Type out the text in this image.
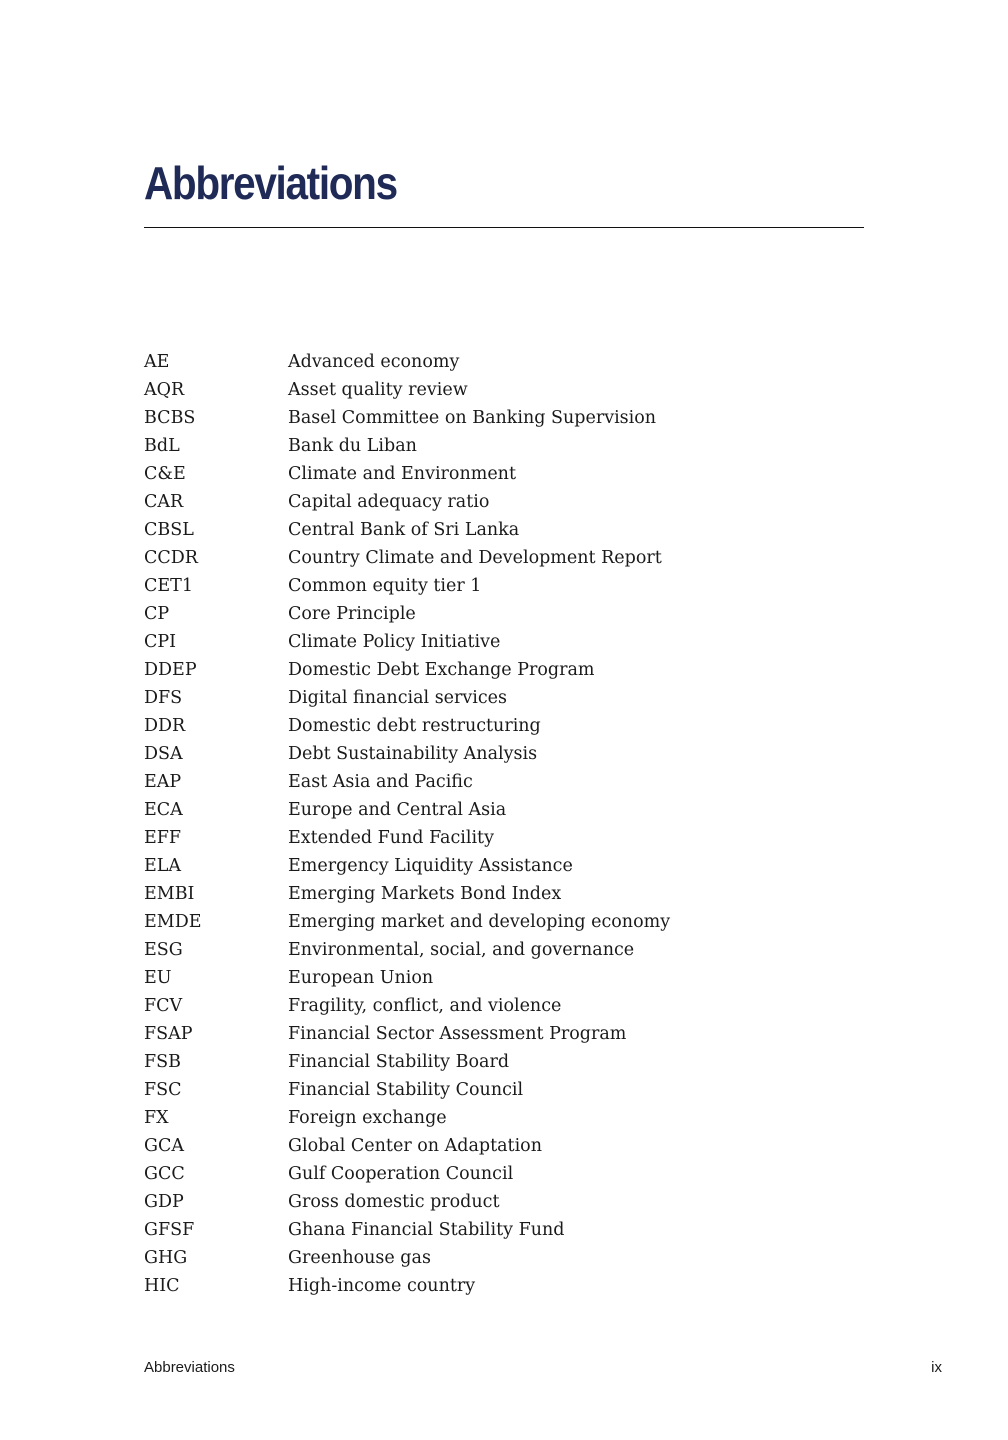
Abbreviations
AE	Advanced economy
AQR	Asset quality review
BCBS	Basel Committee on Banking Supervision
BdL	Bank du Liban
C&E	Climate and Environment
CAR	Capital adequacy ratio
CBSL	Central Bank of Sri Lanka
CCDR	Country Climate and Development Report
CET1	Common equity tier 1
CP	Core Principle
CPI	Climate Policy Initiative
DDEP	Domestic Debt Exchange Program
DFS	Digital financial services
DDR	Domestic debt restructuring
DSA	Debt Sustainability Analysis
EAP	East Asia and Pacific
ECA	Europe and Central Asia
EFF	Extended Fund Facility
ELA	Emergency Liquidity Assistance
EMBI	Emerging Markets Bond Index
EMDE	Emerging market and developing economy
ESG	Environmental, social, and governance
EU	European Union
FCV	Fragility, conflict, and violence
FSAP	Financial Sector Assessment Program
FSB	Financial Stability Board
FSC	Financial Stability Council
FX	Foreign exchange
GCA	Global Center on Adaptation
GCC	Gulf Cooperation Council
GDP	Gross domestic product
GFSF	Ghana Financial Stability Fund
GHG	Greenhouse gas
HIC	High-income country
Abbreviations	ix
